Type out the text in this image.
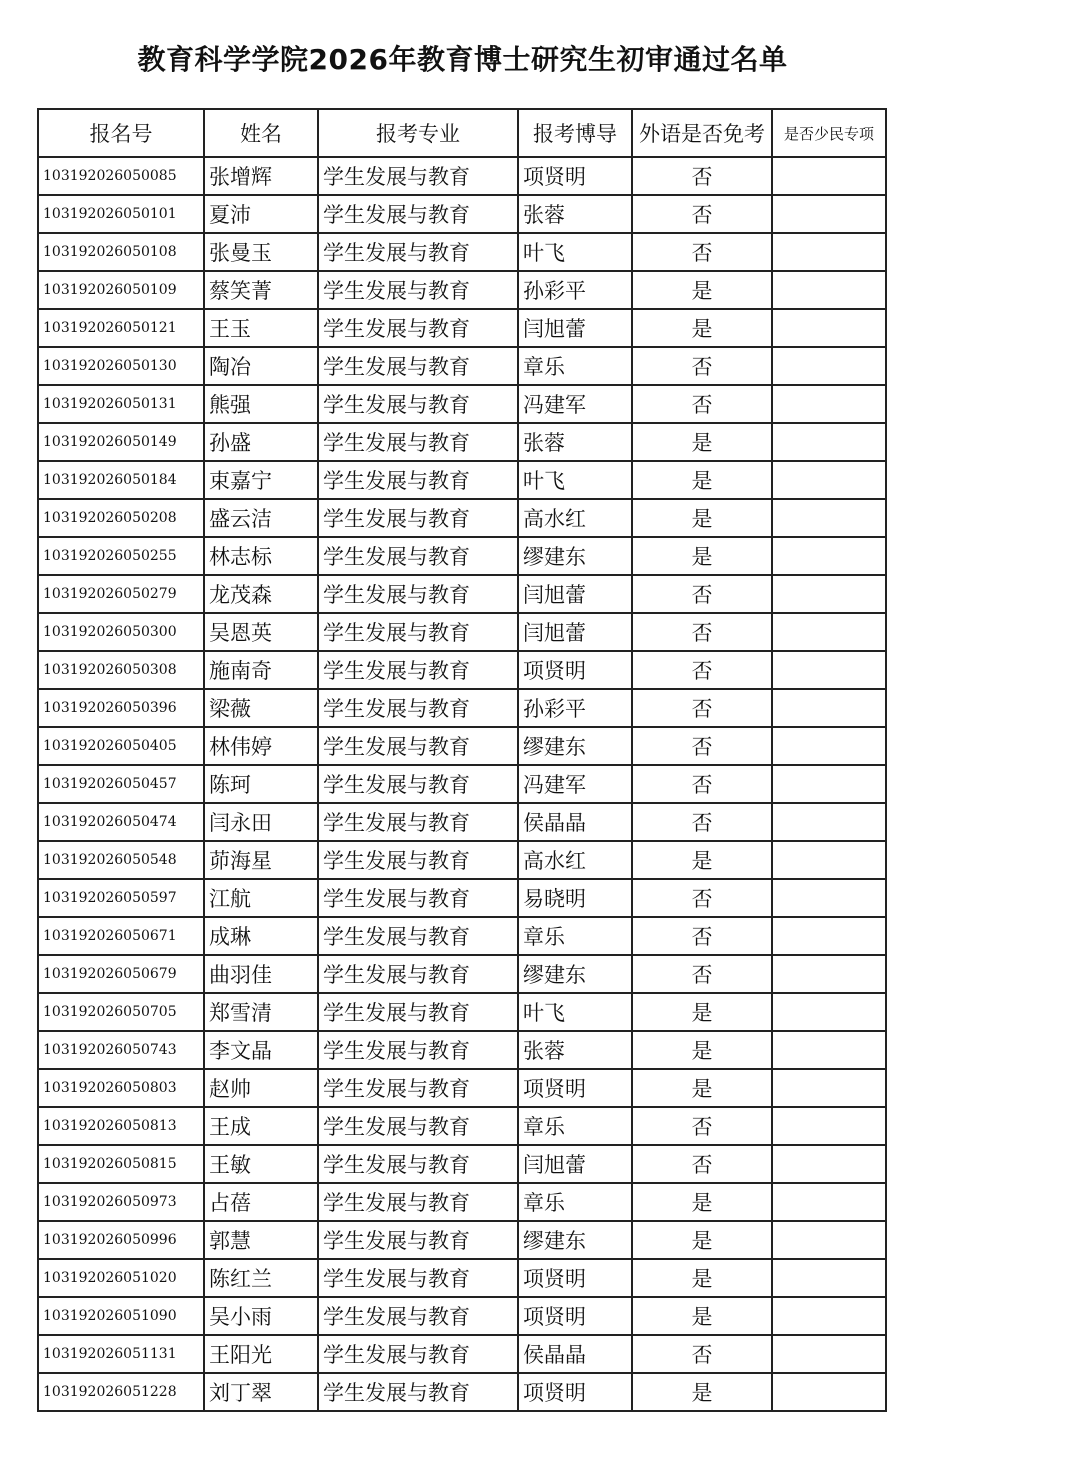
教育科学学院2026年教育博士研究生初审通过名单
报名号	姓名	报考专业	报考博导	外语是否免考	是否少民专项
103192026050085	张增辉	学生发展与教育	项贤明	否	
103192026050101	夏沛	学生发展与教育	张蓉	否	
103192026050108	张曼玉	学生发展与教育	叶飞	否	
103192026050109	蔡笑菁	学生发展与教育	孙彩平	是	
103192026050121	王玉	学生发展与教育	闫旭蕾	是	
103192026050130	陶冶	学生发展与教育	章乐	否	
103192026050131	熊强	学生发展与教育	冯建军	否	
103192026050149	孙盛	学生发展与教育	张蓉	是	
103192026050184	束嘉宁	学生发展与教育	叶飞	是	
103192026050208	盛云洁	学生发展与教育	高水红	是	
103192026050255	林志标	学生发展与教育	缪建东	是	
103192026050279	龙茂森	学生发展与教育	闫旭蕾	否	
103192026050300	吴恩英	学生发展与教育	闫旭蕾	否	
103192026050308	施南奇	学生发展与教育	项贤明	否	
103192026050396	梁薇	学生发展与教育	孙彩平	否	
103192026050405	林伟婷	学生发展与教育	缪建东	否	
103192026050457	陈珂	学生发展与教育	冯建军	否	
103192026050474	闫永田	学生发展与教育	侯晶晶	否	
103192026050548	茆海星	学生发展与教育	高水红	是	
103192026050597	江航	学生发展与教育	易晓明	否	
103192026050671	成琳	学生发展与教育	章乐	否	
103192026050679	曲羽佳	学生发展与教育	缪建东	否	
103192026050705	郑雪清	学生发展与教育	叶飞	是	
103192026050743	李文晶	学生发展与教育	张蓉	是	
103192026050803	赵帅	学生发展与教育	项贤明	是	
103192026050813	王成	学生发展与教育	章乐	否	
103192026050815	王敏	学生发展与教育	闫旭蕾	否	
103192026050973	占蓓	学生发展与教育	章乐	是	
103192026050996	郭慧	学生发展与教育	缪建东	是	
103192026051020	陈红兰	学生发展与教育	项贤明	是	
103192026051090	吴小雨	学生发展与教育	项贤明	是	
103192026051131	王阳光	学生发展与教育	侯晶晶	否	
103192026051228	刘丁翠	学生发展与教育	项贤明	是	
